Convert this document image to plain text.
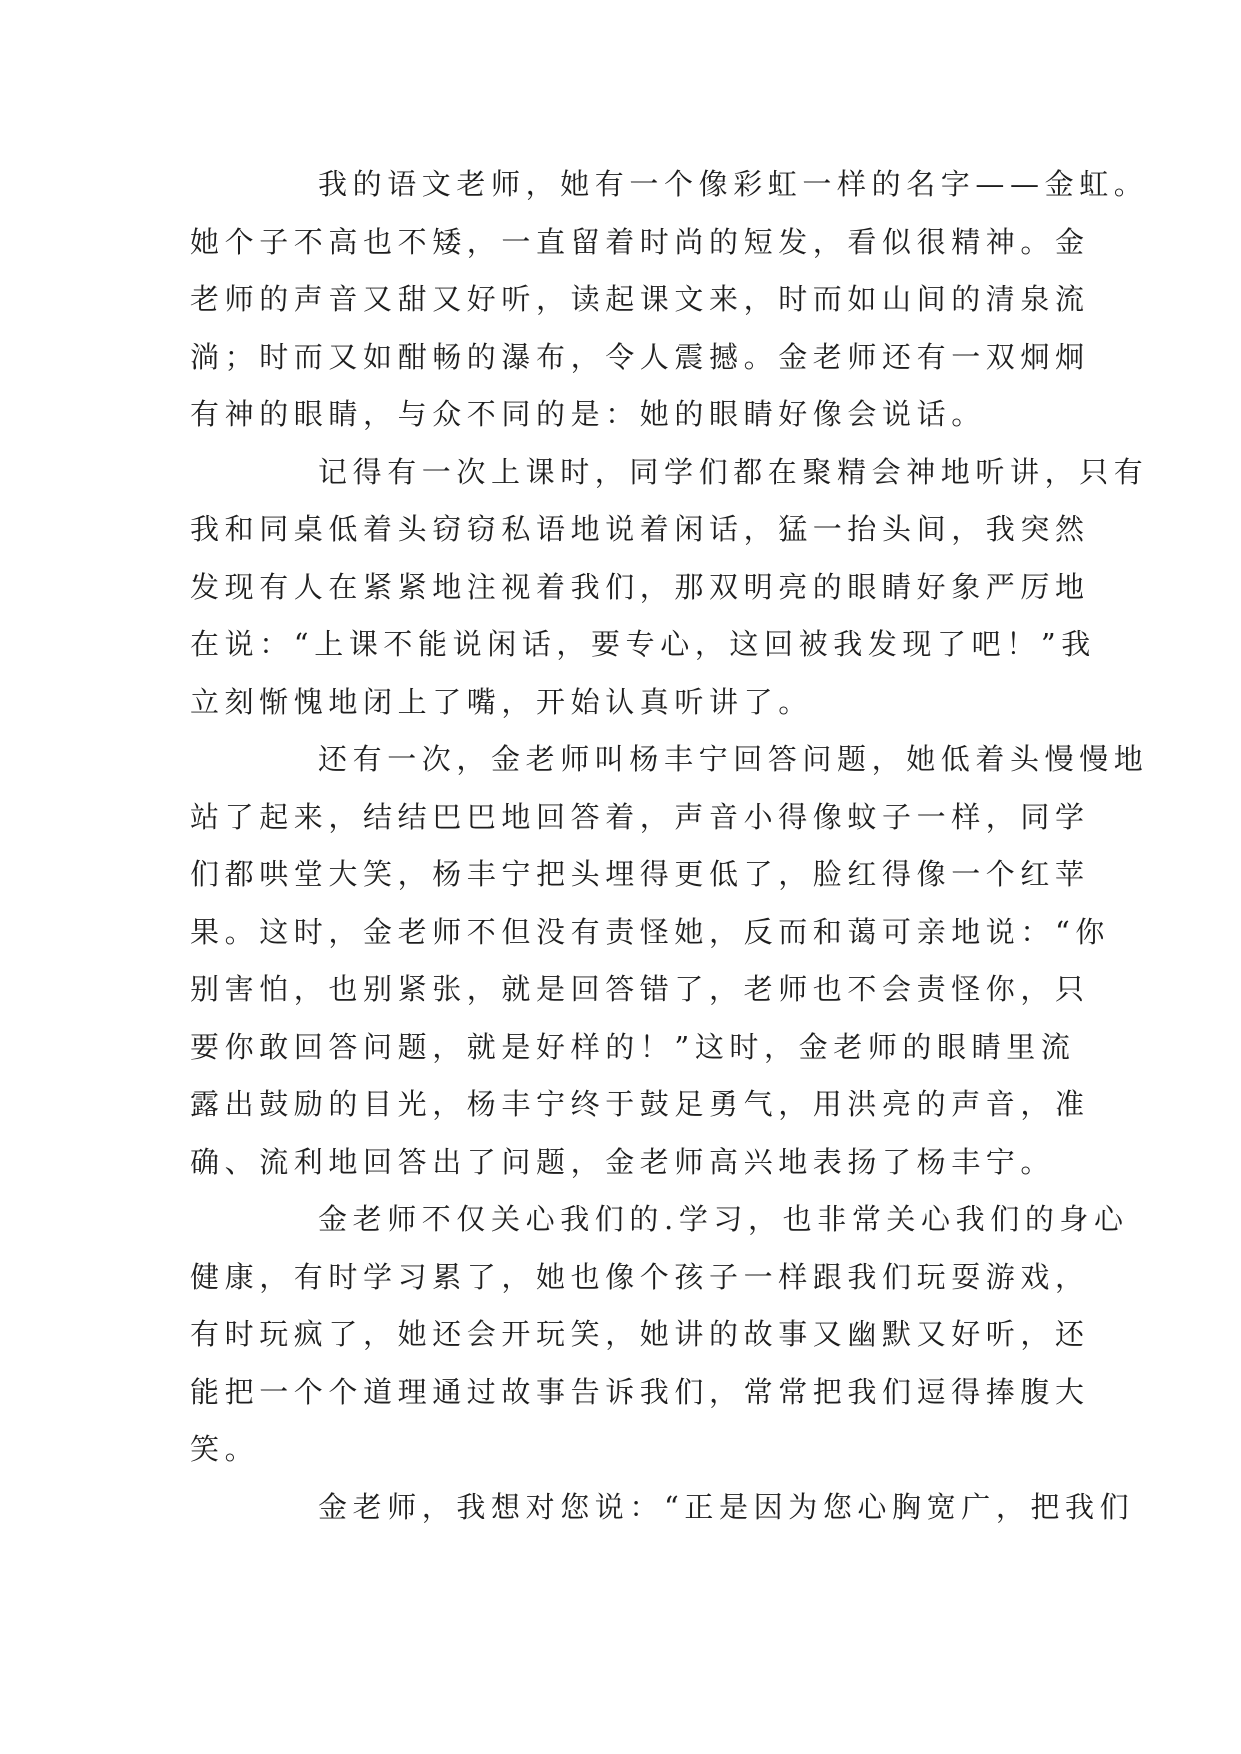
我的语文老师，她有一个像彩虹一样的名字——金虹。
她个子不高也不矮，一直留着时尚的短发，看似很精神。金
老师的声音又甜又好听，读起课文来，时而如山间的清泉流
淌；时而又如酣畅的瀑布，令人震撼。金老师还有一双炯炯
有神的眼睛，与众不同的是：她的眼睛好像会说话。
记得有一次上课时，同学们都在聚精会神地听讲，只有
我和同桌低着头窃窃私语地说着闲话，猛一抬头间，我突然
发现有人在紧紧地注视着我们，那双明亮的眼睛好象严厉地
在说：“上课不能说闲话，要专心，这回被我发现了吧！”我
立刻惭愧地闭上了嘴，开始认真听讲了。
还有一次，金老师叫杨丰宁回答问题，她低着头慢慢地
站了起来，结结巴巴地回答着，声音小得像蚊子一样，同学
们都哄堂大笑，杨丰宁把头埋得更低了，脸红得像一个红苹
果。这时，金老师不但没有责怪她，反而和蔼可亲地说：“你
别害怕，也别紧张，就是回答错了，老师也不会责怪你，只
要你敢回答问题，就是好样的！”这时，金老师的眼睛里流
露出鼓励的目光，杨丰宁终于鼓足勇气，用洪亮的声音，准
确、流利地回答出了问题，金老师高兴地表扬了杨丰宁。
金老师不仅关心我们的.学习，也非常关心我们的身心
健康，有时学习累了，她也像个孩子一样跟我们玩耍游戏，
有时玩疯了，她还会开玩笑，她讲的故事又幽默又好听，还
能把一个个道理通过故事告诉我们，常常把我们逗得捧腹大
笑。
金老师，我想对您说：“正是因为您心胸宽广，把我们
